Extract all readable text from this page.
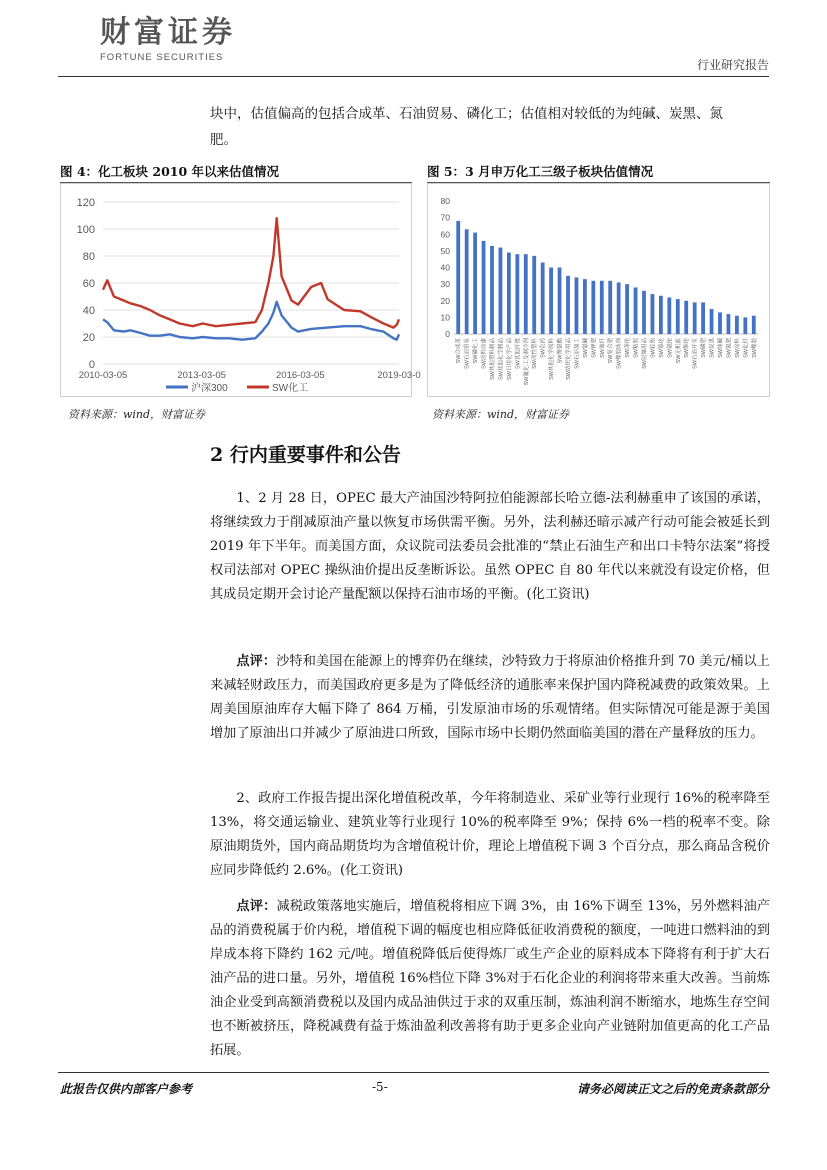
财富证券
FORTUNE SECURITIES
行业研究报告
块中，估值偏高的包括合成革、石油贸易、磷化工；估值相对较低的为纯碱、炭黑、氮
肥。
图 4：化工板块 2010 年以来估值情况
0
20
40
60
80
100
120
2010-03-05	2013-03-05	2016-03-05	2019-03-0
沪深300	SW化工
资料来源：wind，财富证券
图 5：3 月申万化工三级子板块估值情况
0
10
20
30
40
50
60
70
80
SW合成革 SW石油贸易 SW磷化工 SW涂料涂漆 SW其他塑料制品 SW其他化学制品 SW日用化学产品 SW其他纤维 SW氟化工及制冷剂 SW改性塑料 SW农药 SW其他化学原料 SW聚氨酯 SW纺织化学用品 SW石油加工 SW氯碱 SW钾肥 SW玻纤 SW复合肥 SW橡胶助剂 SW涤纶 SW粘胶 SW民爆用品 SW轮胎 SW锦纶 SW氨纶 SW无机盐 SW维纶 SW石油开采 SW磷肥 SW炭黑 SW纯碱 SW氮肥 SW涂料 SW化纤 SW橡胶
资料来源：wind，财富证券
2 行内重要事件和公告

1、2 月 28 日，OPEC 最大产油国沙特阿拉伯能源部长哈立德-法利赫重申了该国的承诺，将继续致力于削减原油产量以恢复市场供需平衡。另外，法利赫还暗示减产行动可能会被延长到 2019 年下半年。而美国方面，众议院司法委员会批准的“禁止石油生产和出口卡特尔法案”将授权司法部对 OPEC 操纵油价提出反垄断诉讼。虽然 OPEC 自 80 年代以来就没有设定价格，但其成员定期开会讨论产量配额以保持石油市场的平衡。(化工资讯)

点评：沙特和美国在能源上的博弈仍在继续，沙特致力于将原油价格推升到 70 美元/桶以上来减轻财政压力，而美国政府更多是为了降低经济的通胀率来保护国内降税减费的政策效果。上周美国原油库存大幅下降了 864 万桶，引发原油市场的乐观情绪。但实际情况可能是源于美国增加了原油出口并减少了原油进口所致，国际市场中长期仍然面临美国的潜在产量释放的压力。

2、政府工作报告提出深化增值税改革，今年将制造业、采矿业等行业现行 16%的税率降至 13%，将交通运输业、建筑业等行业现行 10%的税率降至 9%；保持 6%一档的税率不变。除原油期货外，国内商品期货均为含增值税计价，理论上增值税下调 3 个百分点，那么商品含税价应同步降低约 2.6%。(化工资讯)

点评：减税政策落地实施后，增值税将相应下调 3%，由 16%下调至 13%，另外燃料油产品的消费税属于价内税，增值税下调的幅度也相应降低征收消费税的额度，一吨进口燃料油的到岸成本将下降约 162 元/吨。增值税降低后使得炼厂或生产企业的原料成本下降将有利于扩大石油产品的进口量。另外，增值税 16%档位下降 3%对于石化企业的利润将带来重大改善。当前炼油企业受到高额消费税以及国内成品油供过于求的双重压制，炼油利润不断缩水，地炼生存空间也不断被挤压，降税减费有益于炼油盈利改善将有助于更多企业向产业链附加值更高的化工产品拓展。

此报告仅供内部客户参考	-5-	请务必阅读正文之后的免责条款部分
